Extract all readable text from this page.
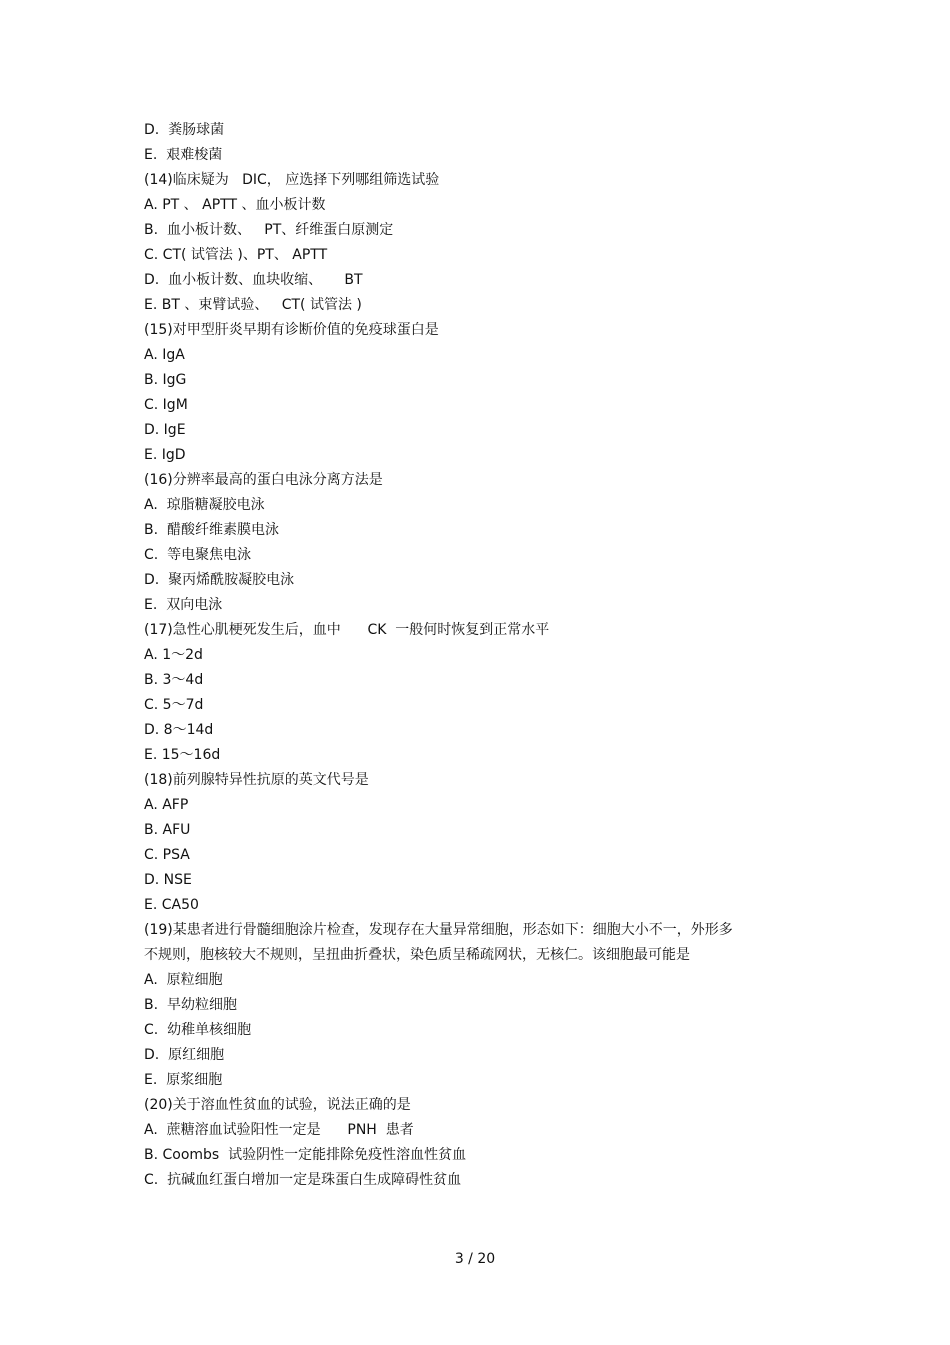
D.  粪肠球菌
E.  艰难梭菌
(14)临床疑为   DIC， 应选择下列哪组筛选试验
A. PT 、 APTT 、血小板计数
B.  血小板计数、   PT、纤维蛋白原测定
C. CT( 试管法 )、PT、 APTT
D.  血小板计数、血块收缩、     BT
E. BT 、束臂试验、   CT( 试管法 )
(15)对甲型肝炎早期有诊断价值的免疫球蛋白是
A. IgA
B. IgG
C. IgM
D. IgE
E. IgD
(16)分辨率最高的蛋白电泳分离方法是
A.  琼脂糖凝胶电泳
B.  醋酸纤维素膜电泳
C.  等电聚焦电泳
D.  聚丙烯酰胺凝胶电泳
E.  双向电泳
(17)急性心肌梗死发生后，血中      CK  一般何时恢复到正常水平
A. 1～2d
B. 3～4d
C. 5～7d
D. 8～14d
E. 15～16d
(18)前列腺特异性抗原的英文代号是
A. AFP
B. AFU
C. PSA
D. NSE
E. CA50
(19)某患者进行骨髓细胞涂片检查，发现存在大量异常细胞，形态如下：细胞大小不一，外形多不规则，胞核较大不规则，呈扭曲折叠状，染色质呈稀疏网状，无核仁。该细胞最可能是
A.  原粒细胞
B.  早幼粒细胞
C.  幼稚单核细胞
D.  原红细胞
E.  原浆细胞
(20)关于溶血性贫血的试验，说法正确的是
A.  蔗糖溶血试验阳性一定是      PNH  患者
B. Coombs  试验阴性一定能排除免疫性溶血性贫血
C.  抗碱血红蛋白增加一定是珠蛋白生成障碍性贫血
3 / 20
